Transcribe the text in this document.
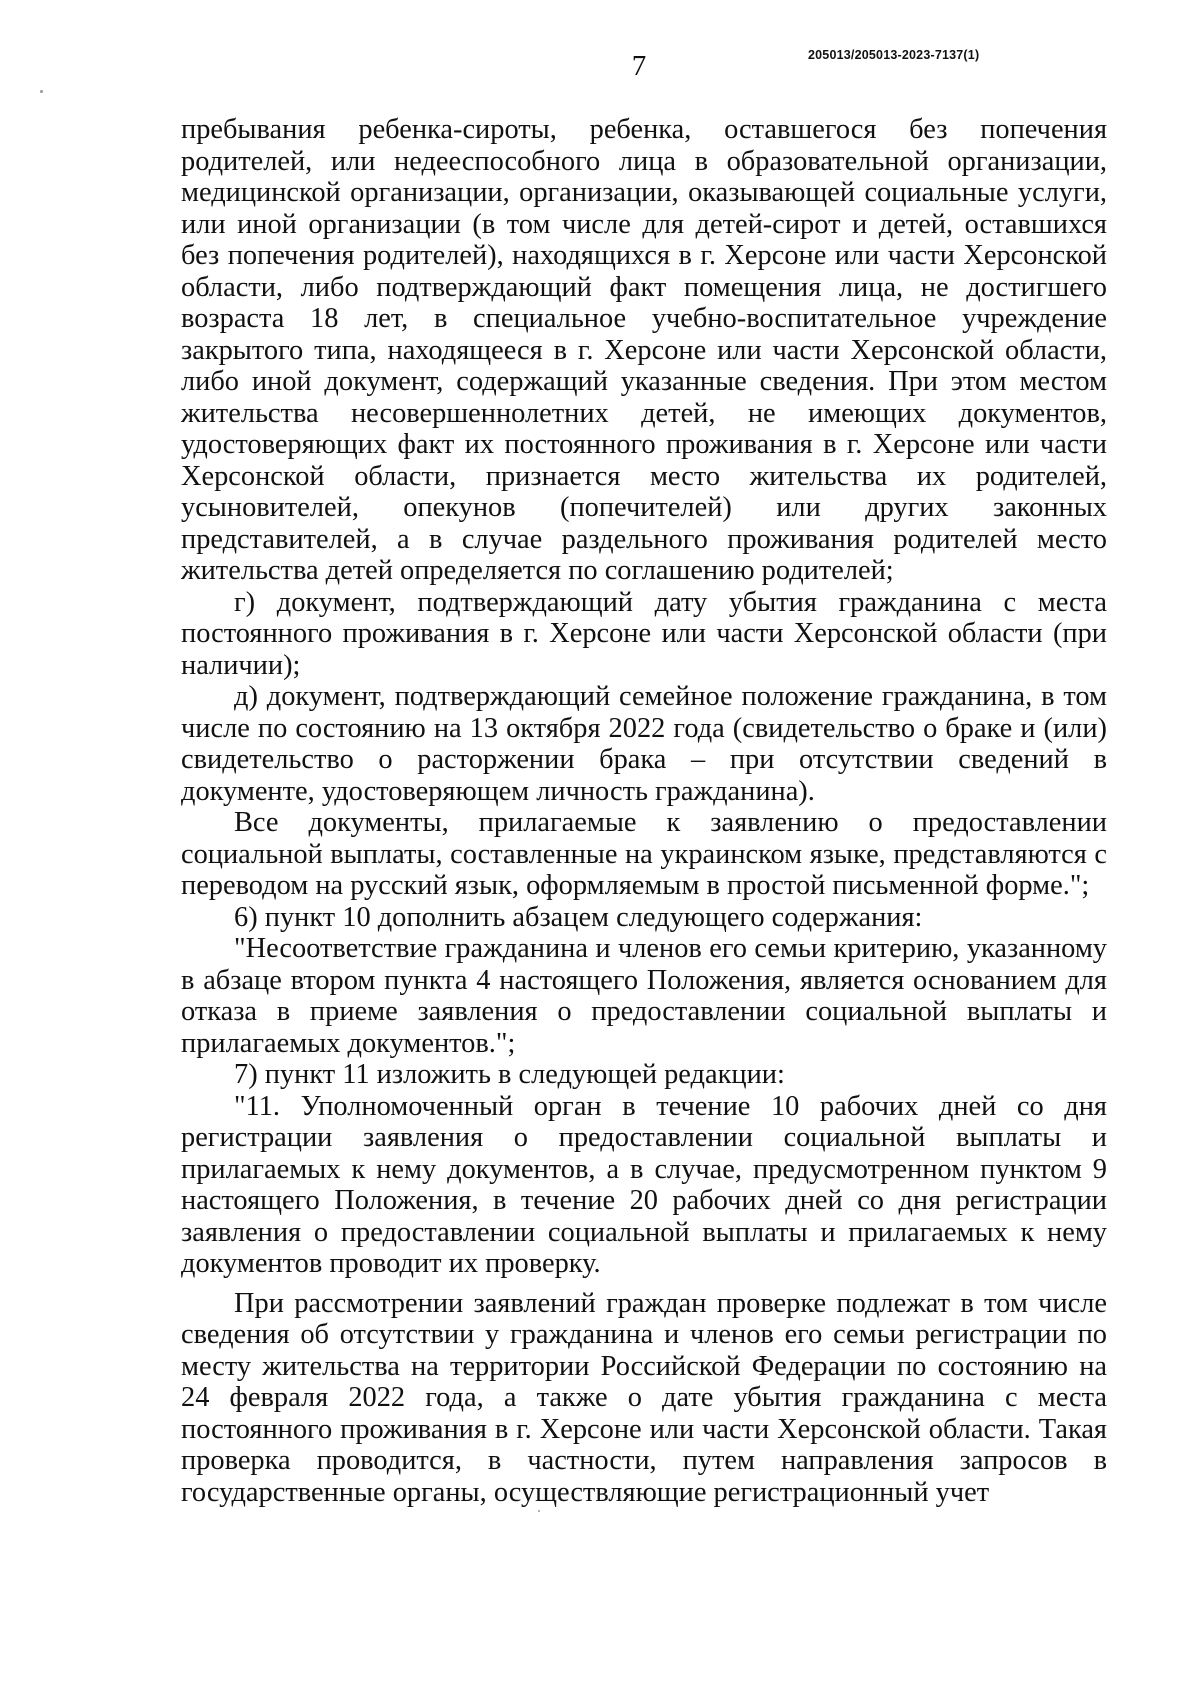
7	205013/205013-2023-7137(1)

пребывания ребенка-сироты, ребенка, оставшегося без попечения родителей, или недееспособного лица в образовательной организации, медицинской организации, организации, оказывающей социальные услуги, или иной организации (в том числе для детей-сирот и детей, оставшихся без попечения родителей), находящихся в г. Херсоне или части Херсонской области, либо подтверждающий факт помещения лица, не достигшего возраста 18 лет, в специальное учебно-воспитательное учреждение закрытого типа, находящееся в г. Херсоне или части Херсонской области, либо иной документ, содержащий указанные сведения. При этом местом жительства несовершеннолетних детей, не имеющих документов, удостоверяющих факт их постоянного проживания в г. Херсоне или части Херсонской области, признается место жительства их родителей, усыновителей, опекунов (попечителей) или других законных представителей, а в случае раздельного проживания родителей место жительства детей определяется по соглашению родителей;

г) документ, подтверждающий дату убытия гражданина с места постоянного проживания в г. Херсоне или части Херсонской области (при наличии);

д) документ, подтверждающий семейное положение гражданина, в том числе по состоянию на 13 октября 2022 года (свидетельство о браке и (или) свидетельство о расторжении брака – при отсутствии сведений в документе, удостоверяющем личность гражданина).

Все документы, прилагаемые к заявлению о предоставлении социальной выплаты, составленные на украинском языке, представляются с переводом на русский язык, оформляемым в простой письменной форме.";

6) пункт 10 дополнить абзацем следующего содержания:

"Несоответствие гражданина и членов его семьи критерию, указанному в абзаце втором пункта 4 настоящего Положения, является основанием для отказа в приеме заявления о предоставлении социальной выплаты и прилагаемых документов.";

7) пункт 11 изложить в следующей редакции:

"11. Уполномоченный орган в течение 10 рабочих дней со дня регистрации заявления о предоставлении социальной выплаты и прилагаемых к нему документов, а в случае, предусмотренном пунктом 9 настоящего Положения, в течение 20 рабочих дней со дня регистрации заявления о предоставлении социальной выплаты и прилагаемых к нему документов проводит их проверку.

При рассмотрении заявлений граждан проверке подлежат в том числе сведения об отсутствии у гражданина и членов его семьи регистрации по месту жительства на территории Российской Федерации по состоянию на 24 февраля 2022 года, а также о дате убытия гражданина с места постоянного проживания в г. Херсоне или части Херсонской области. Такая проверка проводится, в частности, путем направления запросов в государственные органы, осуществляющие регистрационный учет
